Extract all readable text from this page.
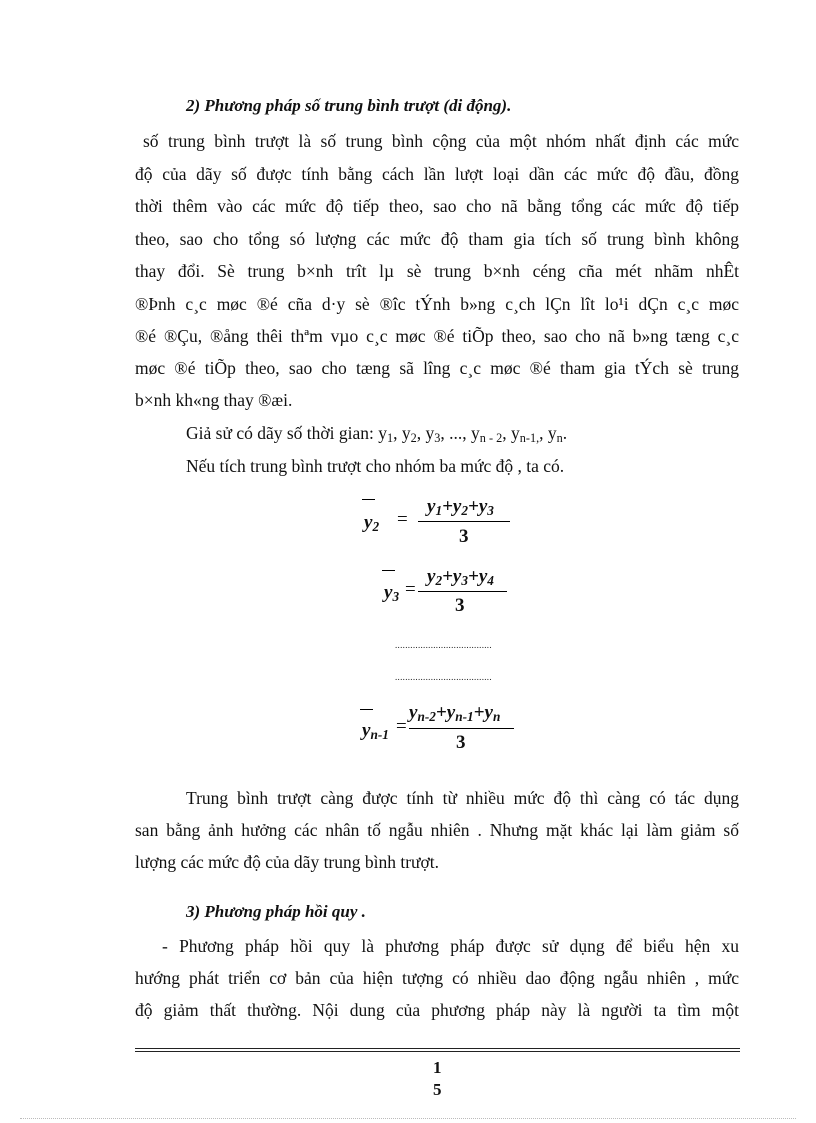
2) Phương pháp số trung bình trượt (di động).
số trung bình trượt là số trung bình cộng của một nhóm nhất định các mức
độ của dãy số được tính bằng cách lần lượt loại dần các mức độ đầu, đồng
thời thêm vào các mức độ tiếp theo, sao cho nã bằng tổng các mức độ tiếp
theo, sao cho tổng só lượng các mức độ tham gia tích số trung bình không
thay đổi. Sè trung b×nh trît lµ sè trung b×nh céng cña mét nhãm nhÊt
®Þnh c¸c møc ®é cña d·y sè ®îc tÝnh b»ng c¸ch lÇn lît lo¹i dÇn c¸c møc
®é ®Çu, ®ång thêi thªm vµo c¸c møc ®é tiÕp theo, sao cho nã b»ng tæng c¸c
møc ®é tiÕp theo, sao cho tæng sã lîng c¸c møc ®é tham gia tÝch sè trung
b×nh kh«ng thay ®æi.
Giả sử có dãy số thời gian: $y_1$, $y_2$, $y_3$, ..., $y_{n - 2}$, $y_{n-1,}$, $y_n$.
Nếu tích trung bình trượt cho nhóm ba mức độ , ta có.
$y_2$ =
$y_1+y_2+y_3$
3
$y_3$ =
$y_2+y_3+y_4$
3
......................................
......................................
$y_{n-1}$ =
$y_{n-2}+y_{n-1}+y_n$
3
Trung bình trượt càng được tính từ nhiều mức độ thì càng có tác dụng
san bằng ảnh hưởng các nhân tố ngẫu nhiên . Nhưng mặt khác lại làm giảm số
lượng các mức độ của dãy trung bình trượt.
3) Phương pháp hồi quy .
- Phương pháp hồi quy là phương pháp được sử dụng để biểu hện xu
hướng phát triển cơ bản của hiện tượng có nhiều dao động ngẫu nhiên , mức
độ giảm thất thường. Nội dung của phương pháp này là người ta tìm một
1
5
